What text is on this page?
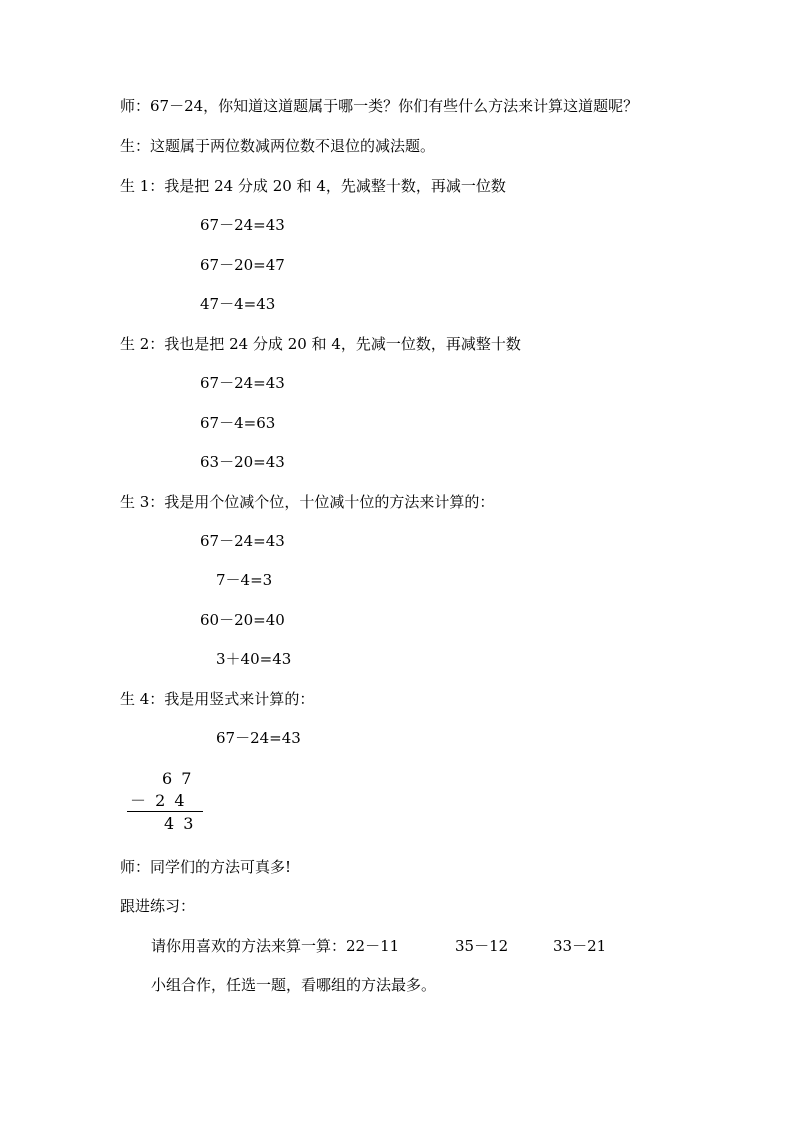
师：67－24，你知道这道题属于哪一类？你们有些什么方法来计算这道题呢？
生：这题属于两位数减两位数不退位的减法题。
生 1：我是把 24 分成 20 和 4，先减整十数，再减一位数
67－24=43
67－20=47
47－4=43
生 2：我也是把 24 分成 20 和 4，先减一位数，再减整十数
67－24=43
67－4=63
63－20=43
生 3：我是用个位减个位，十位减十位的方法来计算的：
67－24=43
7－4=3
60－20=40
3＋40=43
生 4：我是用竖式来计算的：
67－24=43
6 7
－ 2 4
4 3
师：同学们的方法可真多!
跟进练习：
请你用喜欢的方法来算一算：22－11	35－12	33－21
小组合作，任选一题，看哪组的方法最多。
